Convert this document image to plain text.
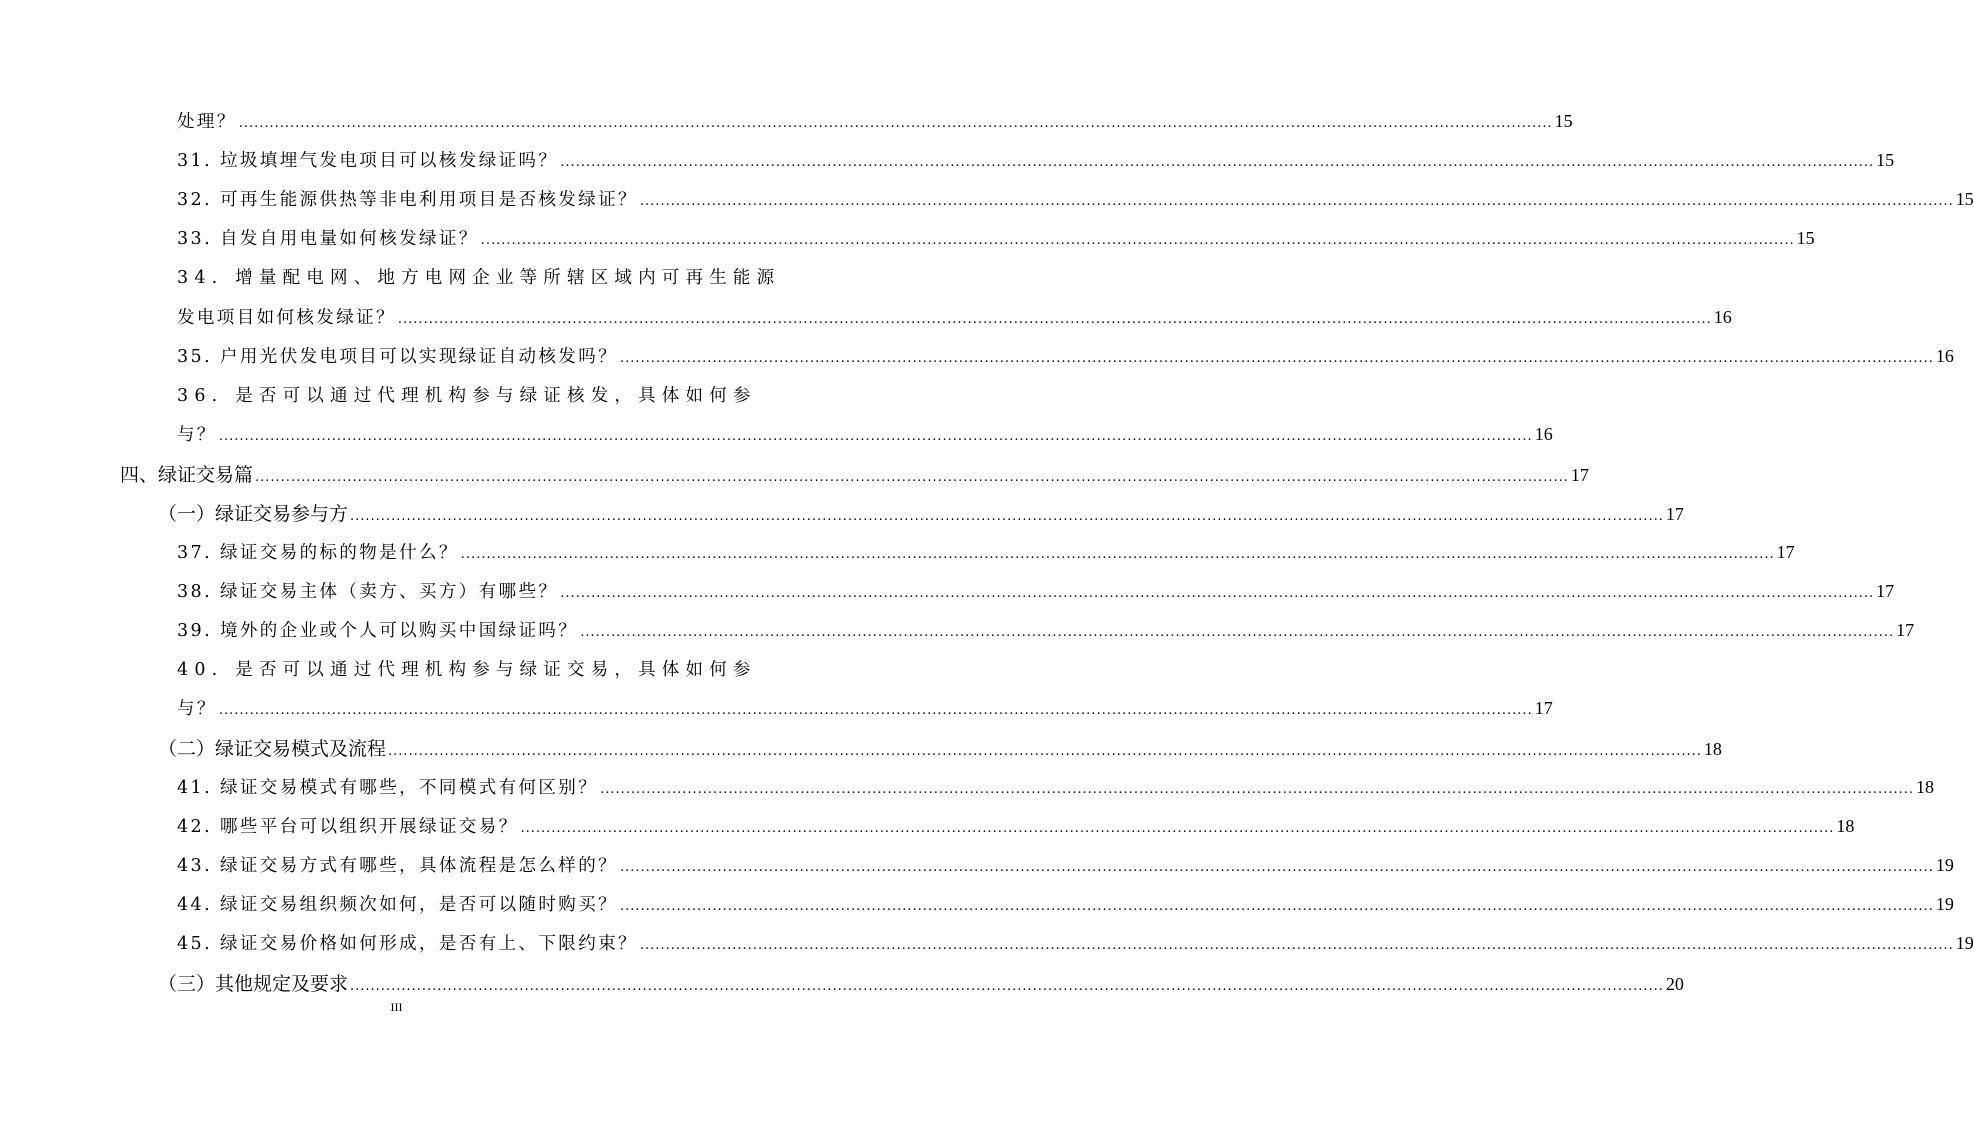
处理？ .....	15
31. 垃圾填埋气发电项目可以核发绿证吗？ .....	15
32. 可再生能源供热等非电利用项目是否核发绿证？ .....	15
33. 自发自用电量如何核发绿证？ .....	15
34. 增量配电网、地方电网企业等所辖区域内可再生能源
发电项目如何核发绿证？ .....	16
35. 户用光伏发电项目可以实现绿证自动核发吗？ .....	16
36. 是否可以通过代理机构参与绿证核发，具体如何参
与？ .....	16
四、绿证交易篇 .....	17
（一）绿证交易参与方 .....	17
37. 绿证交易的标的物是什么？ .....	17
38. 绿证交易主体（卖方、买方）有哪些？ .....	17
39. 境外的企业或个人可以购买中国绿证吗？ .....	17
40. 是否可以通过代理机构参与绿证交易，具体如何参
与？ .....	17
（二）绿证交易模式及流程 .....	18
41. 绿证交易模式有哪些，不同模式有何区别？ .....	18
42. 哪些平台可以组织开展绿证交易？ .....	18
43. 绿证交易方式有哪些，具体流程是怎么样的？ .....	19
44. 绿证交易组织频次如何，是否可以随时购买？ .....	19
45. 绿证交易价格如何形成，是否有上、下限约束？ .....	19
（三）其他规定及要求 .....	20
III
